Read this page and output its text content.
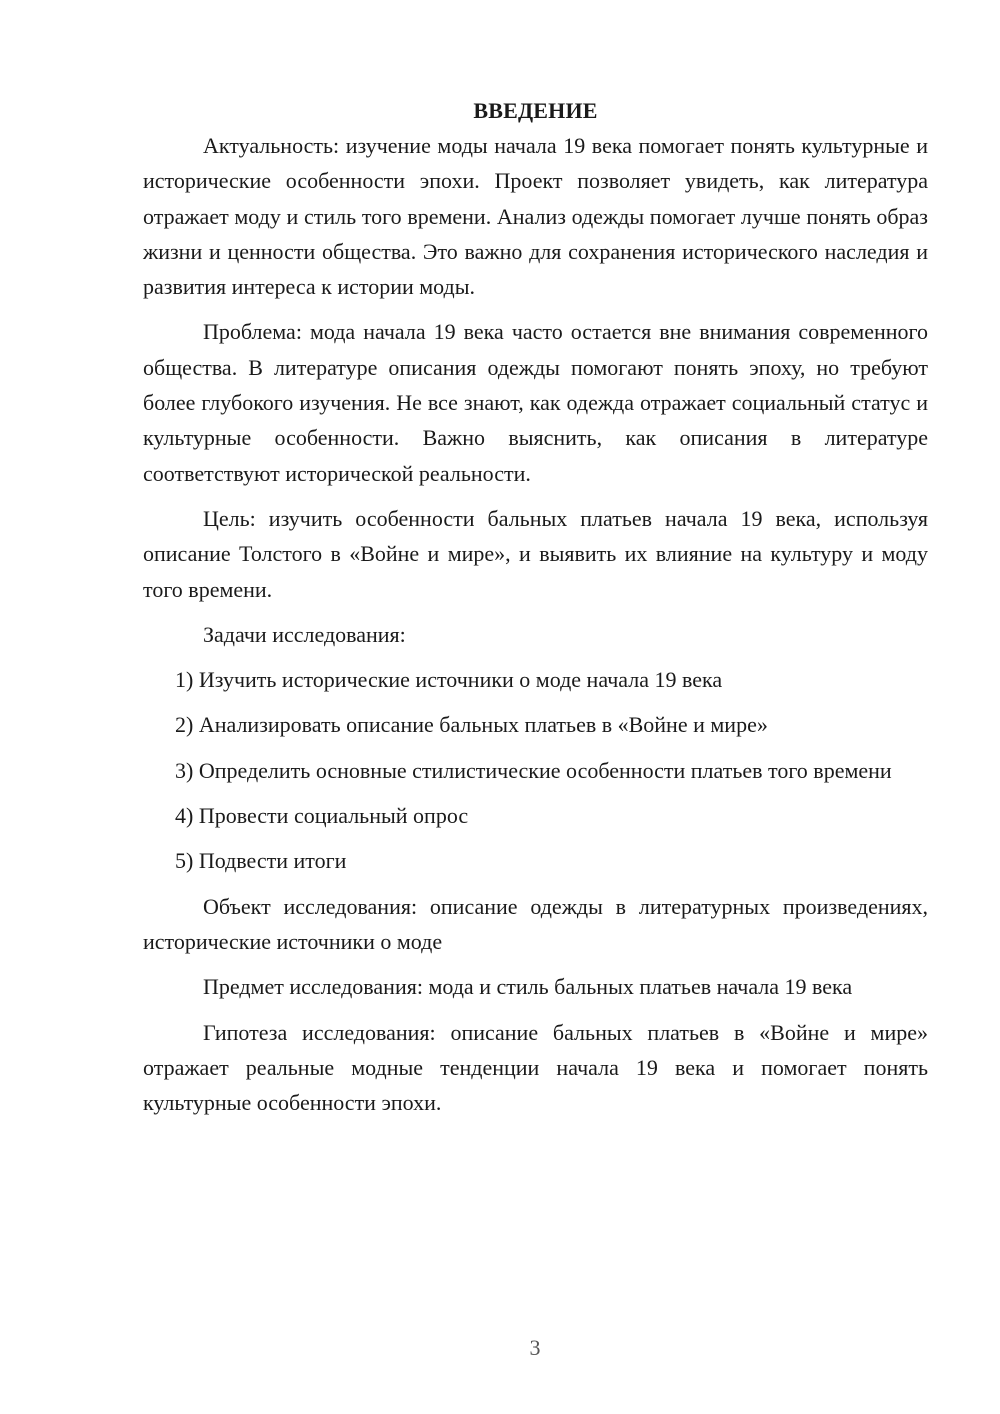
ВВЕДЕНИЕ

Актуальность: изучение моды начала 19 века помогает понять культурные и исторические особенности эпохи. Проект позволяет увидеть, как литература отражает моду и стиль того времени. Анализ одежды помогает лучше понять образ жизни и ценности общества. Это важно для сохранения исторического наследия и развития интереса к истории моды.

Проблема: мода начала 19 века часто остается вне внимания современного общества. В литературе описания одежды помогают понять эпоху, но требуют более глубокого изучения. Не все знают, как одежда отражает социальный статус и культурные особенности. Важно выяснить, как описания в литературе соответствуют исторической реальности.

Цель: изучить особенности бальных платьев начала 19 века, используя описание Толстого в «Войне и мире», и выявить их влияние на культуру и моду того времени.

Задачи исследования:

1) Изучить исторические источники о моде начала 19 века

2) Анализировать описание бальных платьев в «Войне и мире»

3) Определить основные стилистические особенности платьев того времени

4) Провести социальный опрос

5) Подвести итоги

Объект исследования: описание одежды в литературных произведениях, исторические источники о моде

Предмет исследования: мода и стиль бальных платьев начала 19 века

Гипотеза исследования: описание бальных платьев в «Войне и мире» отражает реальные модные тенденции начала 19 века и помогает понять культурные особенности эпохи.

3
